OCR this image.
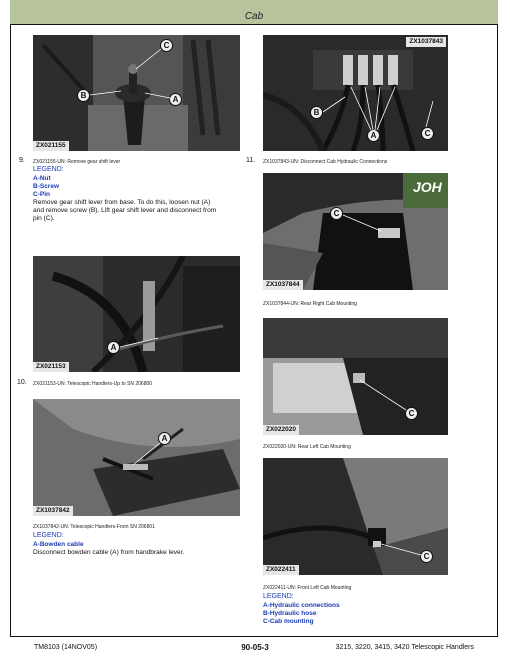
Cab
C
B	A
ZX021155
9. ZX021155-UN: Remove gear shift lever
LEGEND:
A-Nut
B-Screw
C-Pin
Remove gear shift lever from base. To do this, loosen nut (A)
and remove screw (B). Lift gear shift lever and disconnect from
pin (C).
A
ZX021153
10. ZX021153-UN: Telescopic Handlers-Up to SN 206800
A
ZX1037842
ZX1037842-UN: Telescopic Handlers-From SN 206801
LEGEND:
A-Bowden cable
Disconnect bowden cable (A) from handbrake lever.
B
A	C
ZX1037843
11. ZX1037843-UN: Disconnect Cab Hydraulic Connections
JOH
C
ZX1037844
ZX1037844-UN: Rear Right Cab Mounting
C
ZX022020
ZX022020-UN: Rear Left Cab Mounting
C
ZX022411
ZX022411-UN: Front Left Cab Mounting
LEGEND:
A-Hydraulic connections
B-Hydraulic hose
C-Cab mounting
TM8103 (14NOV05)	90-05-3	3215, 3220, 3415, 3420 Telescopic Handlers
